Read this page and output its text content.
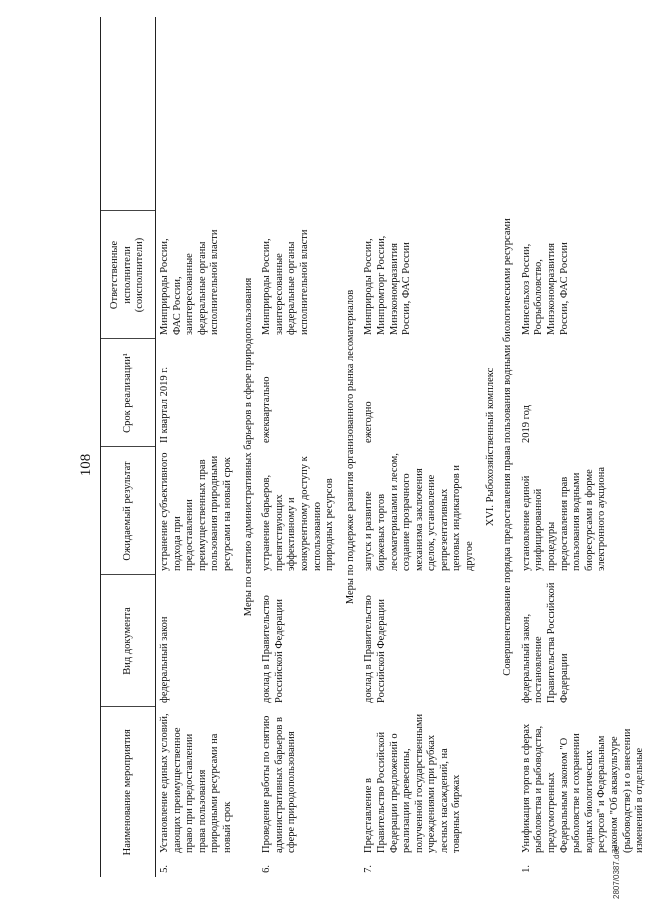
108
Наименование мероприятия		Вид документа	Ожидаемый результат	Срок реализации¹	Ответственные исполнители (соисполнители)	
5.	Установление единых условий, дающих преимущественное право при предоставлении права пользования природными ресурсами на новый срок	федеральный закон	устранение субъективного подхода при предоставлении преимущественных прав пользования природными ресурсами на новый срок	II квартал 2019 г.	Минприроды России, ФАС России, заинтересованные федеральные органы исполнительной власти	
Меры по снятию административных барьеров в сфере природопользования						
6.	Проведение работы по снятию административных барьеров в сфере природопользования	доклад в Правительство Российской Федерации	устранение барьеров, препятствующих эффективному и конкурентному доступу к использованию природных ресурсов	ежеквартально	Минприроды России, заинтересованные федеральные органы исполнительной власти	
Меры по поддержке развития организованного рынка лесоматериалов						
7.	Представление в Правительство Российской Федерации предложений о реализации древесины, полученной государственными учреждениями при рубках лесных насаждений, на товарных биржах	доклад в Правительство Российской Федерации	запуск и развитие биржевых торгов лесоматериалами и лесом, создание прозрачного механизма заключения сделок, установление репрезентативных ценовых индикаторов и другое	ежегодно	Минприроды России, Минпромторг России, Минэкономразвития России, ФАС России	
XVI. Рыбохозяйственный комплекс						
Совершенствование порядка предоставления права пользования водными биологическими ресурсами						
1.	Унификация торгов в сферах рыболовства и рыбоводства, предусмотренных Федеральным законом "О рыболовстве и сохранении водных биологических ресурсов" и Федеральным законом "Об аквакультуре (рыбоводстве) и о внесении изменений в отдельные	федеральный закон, постановление Правительства Российской Федерации	установление единой унифицированной процедуры предоставления прав пользования водными биоресурсами в форме электронного аукциона	2019 год	Минсельхоз России, Росрыболовство, Минэкономразвития России, ФАС России	
2807/0387.doc
